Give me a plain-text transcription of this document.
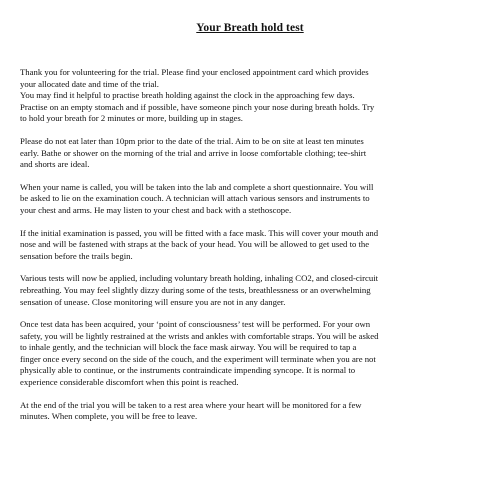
Your Breath hold test

Thank you for volunteering for the trial. Please find your enclosed appointment card which provides
your allocated date and time of the trial.
You may find it helpful to practise breath holding against the clock in the approaching few days.
Practise on an empty stomach and if possible, have someone pinch your nose during breath holds. Try
to hold your breath for 2 minutes or more, building up in stages.

Please do not eat later than 10pm prior to the date of the trial. Aim to be on site at least ten minutes
early. Bathe or shower on the morning of the trial and arrive in loose comfortable clothing; tee-shirt
and shorts are ideal.

When your name is called, you will be taken into the lab and complete a short questionnaire. You will
be asked to lie on the examination couch. A technician will attach various sensors and instruments to
your chest and arms. He may listen to your chest and back with a stethoscope.

If the initial examination is passed, you will be fitted with a face mask. This will cover your mouth and
nose and will be fastened with straps at the back of your head. You will be allowed to get used to the
sensation before the trails begin.

Various tests will now be applied, including voluntary breath holding, inhaling CO2, and closed-circuit
rebreathing. You may feel slightly dizzy during some of the tests, breathlessness or an overwhelming
sensation of unease. Close monitoring will ensure you are not in any danger.

Once test data has been acquired, your ‘point of consciousness’ test will be performed. For your own
safety, you will be lightly restrained at the wrists and ankles with comfortable straps. You will be asked
to inhale gently, and the technician will block the face mask airway. You will be required to tap a
finger once every second on the side of the couch, and the experiment will terminate when you are not
physically able to continue, or the instruments contraindicate impending syncope. It is normal to
experience considerable discomfort when this point is reached.

At the end of the trial you will be taken to a rest area where your heart will be monitored for a few
minutes. When complete, you will be free to leave.
